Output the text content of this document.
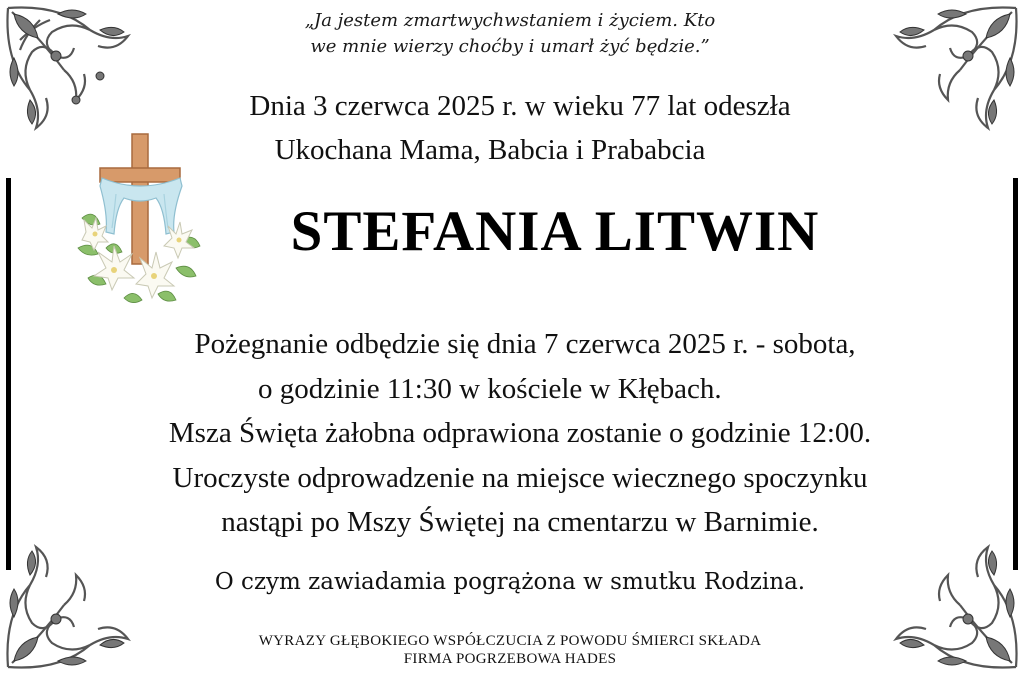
„Ja jestem zmartwychwstaniem i życiem. Kto
we mnie wierzy choćby i umarł żyć będzie.”
Dnia 3 czerwca 2025 r. w wieku 77 lat odeszła
Ukochana Mama, Babcia i Prababcia
STEFANIA LITWIN
Pożegnanie odbędzie się dnia 7 czerwca 2025 r. - sobota,
o godzinie 11:30 w kościele w Kłębach.
Msza Święta żałobna odprawiona zostanie o godzinie 12:00.
Uroczyste odprowadzenie na miejsce wiecznego spoczynku
nastąpi po Mszy Świętej na cmentarzu w Barnimie.
O czym zawiadamia pogrążona w smutku Rodzina.
WYRAZY GŁĘBOKIEGO WSPÓŁCZUCIA Z POWODU ŚMIERCI SKŁADA
FIRMA POGRZEBOWA HADES
